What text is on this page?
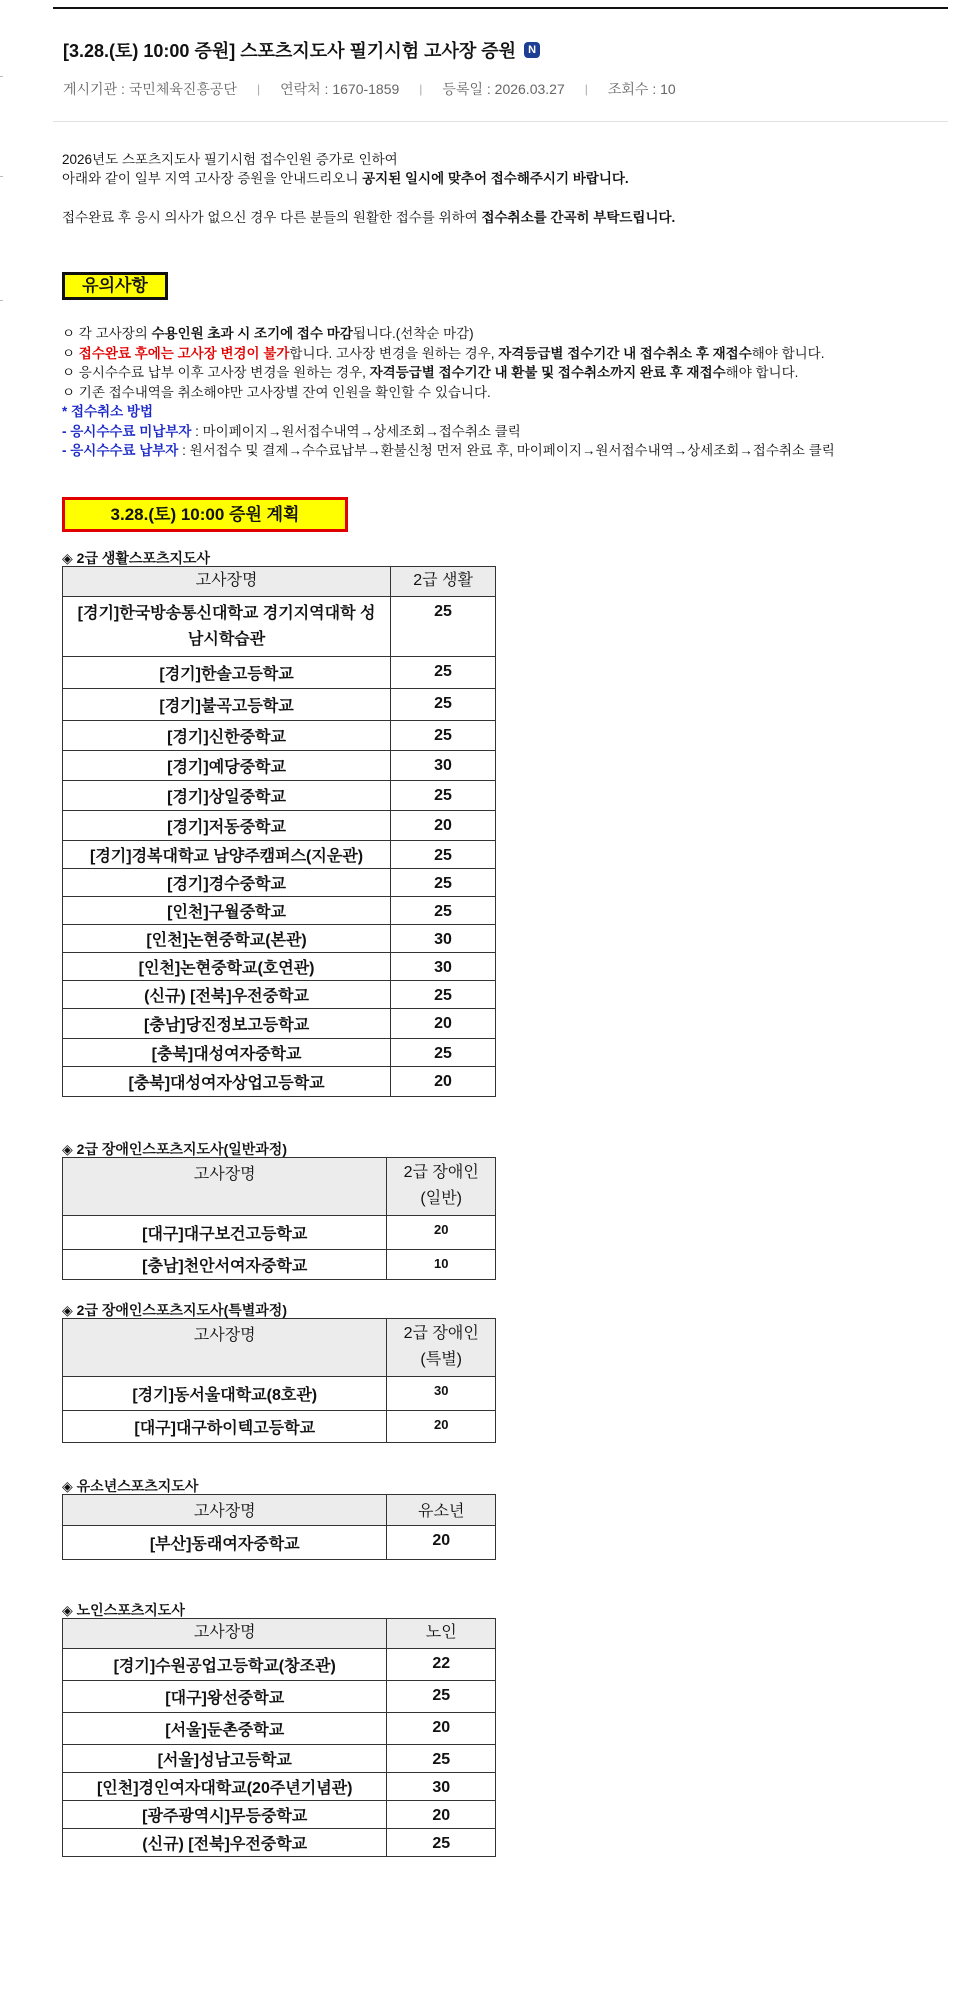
[3.28.(토) 10:00 증원] 스포츠지도사 필기시험 고사장 증원	N
게시기관 : 국민체육진흥공단 | 연락처 : 1670-1859 | 등록일 : 2026.03.27 | 조회수 : 10

2026년도 스포츠지도사 필기시험 접수인원 증가로 인하여

아래와 같이 일부 지역 고사장 증원을 안내드리오니 공지된 일시에 맞추어 접수해주시기 바랍니다.

접수완료 후 응시 의사가 없으신 경우 다른 분들의 원활한 접수를 위하여 접수취소를 간곡히 부탁드립니다.

유의사항
ㅇ 각 고사장의 수용인원 초과 시 조기에 접수 마감됩니다.(선착순 마감)
ㅇ 접수완료 후에는 고사장 변경이 불가합니다. 고사장 변경을 원하는 경우, 자격등급별 접수기간 내 접수취소 후 재접수해야 합니다.
ㅇ 응시수수료 납부 이후 고사장 변경을 원하는 경우, 자격등급별 접수기간 내 환불 및 접수취소까지 완료 후 재접수해야 합니다.
ㅇ 기존 접수내역을 취소해야만 고사장별 잔여 인원을 확인할 수 있습니다.
* 접수취소 방법
- 응시수수료 미납부자 : 마이페이지→원서접수내역→상세조회→접수취소 클릭
- 응시수수료 납부자 : 원서접수 및 결제→수수료납부→환불신청 먼저 완료 후, 마이페이지→원서접수내역→상세조회→접수취소 클릭
3.28.(토) 10:00 증원 계획
◈ 2급 생활스포츠지도사
고사장명	2급 생활
[경기]한국방송통신대학교 경기지역대학 성남시학습관	25
[경기]한솔고등학교	25
[경기]불곡고등학교	25
[경기]신한중학교	25
[경기]예당중학교	30
[경기]상일중학교	25
[경기]저동중학교	20
[경기]경복대학교 남양주캠퍼스(지운관)	25
[경기]경수중학교	25
[인천]구월중학교	25
[인천]논현중학교(본관)	30
[인천]논현중학교(호연관)	30
(신규) [전북]우전중학교	25
[충남]당진정보고등학교	20
[충북]대성여자중학교	25
[충북]대성여자상업고등학교	20
◈ 2급 장애인스포츠지도사(일반과정)
고사장명	2급 장애인
(일반)
[대구]대구보건고등학교	20
[충남]천안서여자중학교	10
◈ 2급 장애인스포츠지도사(특별과정)
고사장명	2급 장애인
(특별)
[경기]동서울대학교(8호관)	30
[대구]대구하이텍고등학교	20
◈ 유소년스포츠지도사
고사장명	유소년
[부산]동래여자중학교	20
◈ 노인스포츠지도사
고사장명	노인
[경기]수원공업고등학교(창조관)	22
[대구]왕선중학교	25
[서울]둔촌중학교	20
[서울]성남고등학교	25
[인천]경인여자대학교(20주년기념관)	30
[광주광역시]무등중학교	20
(신규) [전북]우전중학교	25
